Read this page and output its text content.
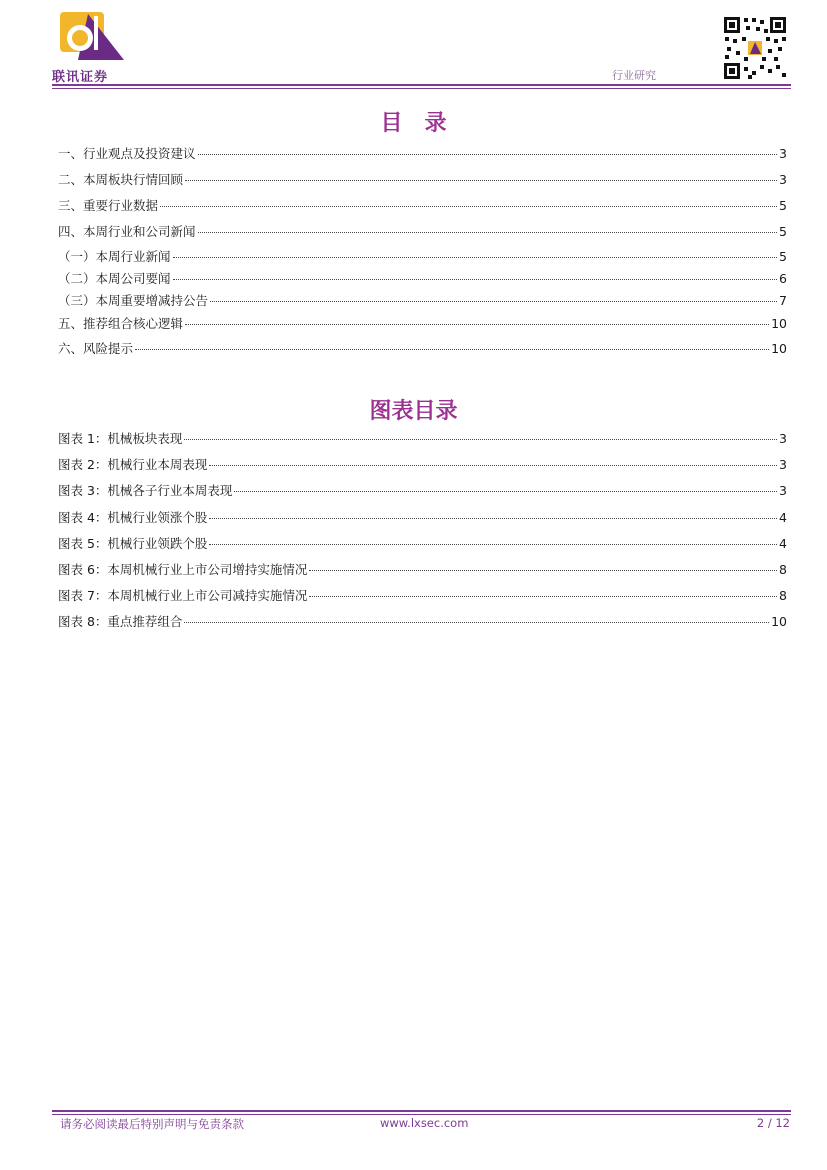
联讯证券	行业研究
目　录
一、行业观点及投资建议	3
二、本周板块行情回顾	3
三、重要行业数据	5
四、本周行业和公司新闻	5
（一）本周行业新闻	5
（二）本周公司要闻	6
（三）本周重要增减持公告	7
五、推荐组合核心逻辑	10
六、风险提示	10
图表目录
图表 1：机械板块表现	3
图表 2：机械行业本周表现	3
图表 3：机械各子行业本周表现	3
图表 4：机械行业领涨个股	4
图表 5：机械行业领跌个股	4
图表 6：本周机械行业上市公司增持实施情况	8
图表 7：本周机械行业上市公司减持实施情况	8
图表 8：重点推荐组合	10
请务必阅读最后特别声明与免责条款	www.lxsec.com	2 / 12
